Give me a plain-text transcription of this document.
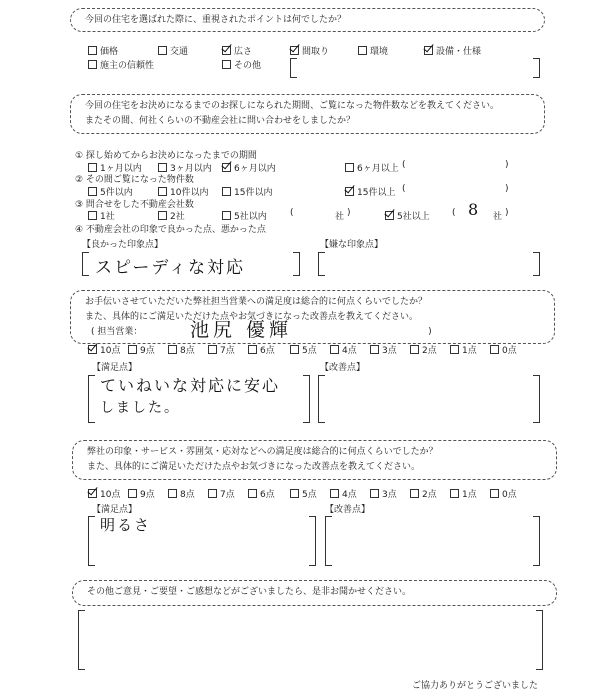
今回の住宅を選ばれた際に、重視されたポイントは何でしたか？
今回の住宅をお決めになるまでのお探しになられた期間、ご覧になった物件数などを教えてください。
またその間、何社くらいの不動産会社に問い合わせをしましたか？
① 探し始めてからお決めになったまでの期間
(	)
② その間ご覧になった物件数
(	)
③ 問合せをした不動産会社数
(	社 )	( 8 社 )
④ 不動産会社の印象で良かった点、悪かった点
【良かった印象点】	【嫌な印象点】
スピーディな対応
お手伝いさせていただいた弊社担当営業への満足度は総合的に何点くらいでしたか？
また、具体的にご満足いただけた点やお気づきになった改善点を教えてください。
( 担当営業：	)
池尻 優輝
【満足点】	【改善点】
ていねいな対応に安心
しました。
弊社の印象・サービス・雰囲気・応対などへの満足度は総合的に何点くらいでしたか？
また、具体的にご満足いただけた点やお気づきになった改善点を教えてください。
【満足点】	【改善点】
明るさ
その他ご意見・ご要望・ご感想などがございましたら、是非お聞かせください。
ご協力ありがとうございました
価格	交通	広さ	間取り	環境	設備・仕様
施主の信頼性	その他
1ヶ月以内	3ヶ月以内	6ヶ月以内	6ヶ月以上
5件以内	10件以内	15件以内	15件以上
1社	2社	5社以内	5社以上
10点	9点	8点	7点	6点	5点	4点	3点	2点	1点	0点
10点	9点	8点	7点	6点	5点	4点	3点	2点	1点	0点
